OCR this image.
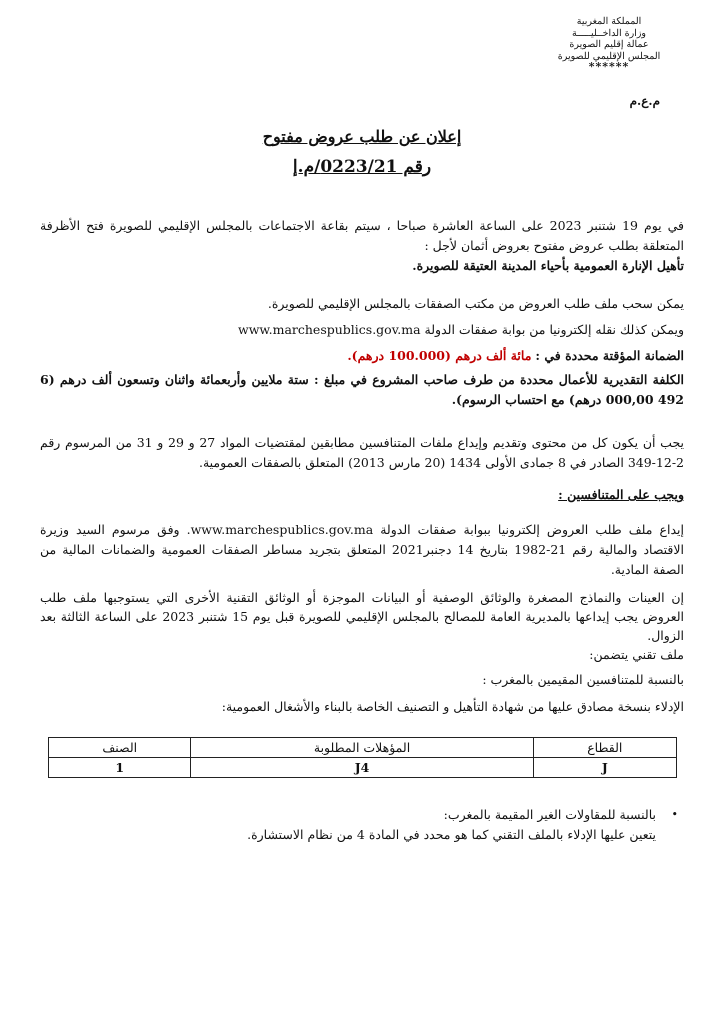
المملكة المغربية
وزارة الداخــليـــــة
عمالة إقليم الصويرة
المجلس الإقليمي للصويرة
******
م.ع.م
إعلان عن طلب عروض مفتوح
رقم 0223/21/م.إ
في يوم 19 شتنبر 2023 على الساعة العاشرة صباحا ، سيتم بقاعة الاجتماعات بالمجلس الإقليمي للصويرة فتح الأظرفة المتعلقة بطلب عروض مفتوح بعروض أثمان لأجل :
تأهيل الإنارة العمومية بأحياء المدينة العتيقة للصويرة.
يمكن سحب ملف طلب العروض من مكتب الصفقات بالمجلس الإقليمي للصويرة.
ويمكن كذلك نقله إلكترونيا من بوابة صفقات الدولة www.marchespublics.gov.ma
الضمانة المؤقتة محددة في : مائة ألف درهم (100.000 درهم).
الكلفة التقديرية للأعمال محددة من طرف صاحب المشروع في مبلغ : ستة ملايين وأربعمائة واثنان وتسعون ألف درهم (6 492 000,00 درهم) مع احتساب الرسوم).
يجب أن يكون كل من محتوى وتقديم وإيداع ملفات المتنافسين مطابقين لمقتضيات المواد 27 و 29 و 31 من المرسوم رقم 2-12-349 الصادر في 8 جمادى الأولى 1434 (20 مارس 2013) المتعلق بالصفقات العمومية.
ويجب على المتنافسين :
إيداع ملف طلب العروض إلكترونيا ببوابة صفقات الدولة www.marchespublics.gov.ma. وفق مرسوم السيد وزيرة الاقتصاد والمالية رقم 21-1982 بتاريخ 14 دجنبر2021 المتعلق بتجريد مساطر الصفقات العمومية والضمانات المالية من الصفة المادية.
إن العينات والنماذج المصغرة والوثائق الوصفية أو البيانات الموجزة أو الوثائق التقنية الأخرى التي يستوجبها ملف طلب العروض يجب إيداعها بالمديرية العامة للمصالح بالمجلس الإقليمي للصويرة قبل يوم 15 شتنبر 2023 على الساعة الثالثة بعد الزوال.
ملف تقني يتضمن:
بالنسبة للمتنافسين المقيمين بالمغرب :
الإدلاء بنسخة مصادق عليها من شهادة التأهيل و التصنيف الخاصة بالبناء والأشغال العمومية:
القطاع	المؤهلات المطلوبة	الصنف
J	J4	1
•
بالنسبة للمقاولات الغير المقيمة بالمغرب:
يتعين عليها الإدلاء بالملف التقني كما هو محدد في المادة 4 من نظام الاستشارة.
